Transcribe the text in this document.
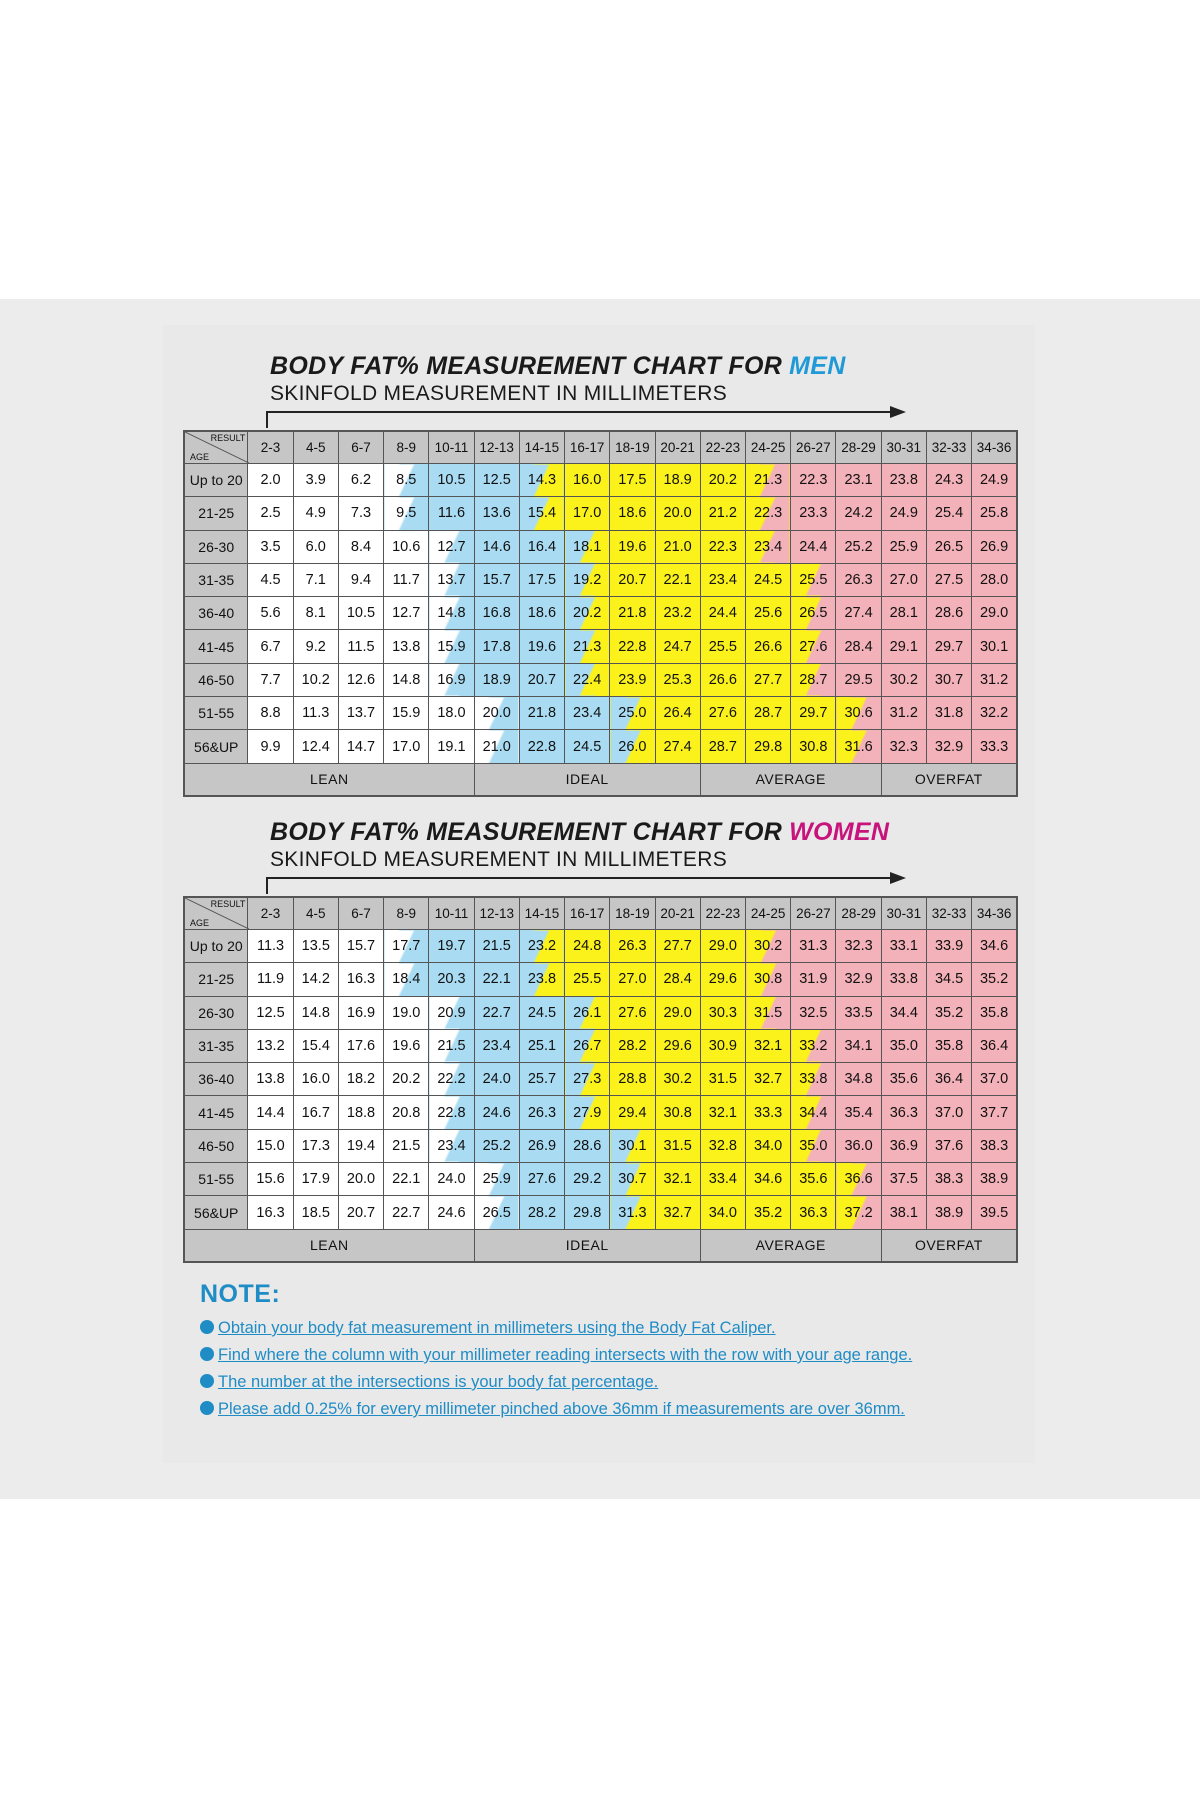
BODY FAT% MEASUREMENT CHART FOR MEN
SKINFOLD MEASUREMENT IN MILLIMETERS
RESULT
AGE	2-3	4-5	6-7	8-9	10-11	12-13	14-15	16-17	18-19	20-21	22-23	24-25	26-27	28-29	30-31	32-33	34-36
Up to 20	2.0	3.9	6.2	8.5	10.5	12.5	14.3	16.0	17.5	18.9	20.2	21.3	22.3	23.1	23.8	24.3	24.9
21-25	2.5	4.9	7.3	9.5	11.6	13.6	15.4	17.0	18.6	20.0	21.2	22.3	23.3	24.2	24.9	25.4	25.8
26-30	3.5	6.0	8.4	10.6	12.7	14.6	16.4	18.1	19.6	21.0	22.3	23.4	24.4	25.2	25.9	26.5	26.9
31-35	4.5	7.1	9.4	11.7	13.7	15.7	17.5	19.2	20.7	22.1	23.4	24.5	25.5	26.3	27.0	27.5	28.0
36-40	5.6	8.1	10.5	12.7	14.8	16.8	18.6	20.2	21.8	23.2	24.4	25.6	26.5	27.4	28.1	28.6	29.0
41-45	6.7	9.2	11.5	13.8	15.9	17.8	19.6	21.3	22.8	24.7	25.5	26.6	27.6	28.4	29.1	29.7	30.1
46-50	7.7	10.2	12.6	14.8	16.9	18.9	20.7	22.4	23.9	25.3	26.6	27.7	28.7	29.5	30.2	30.7	31.2
51-55	8.8	11.3	13.7	15.9	18.0	20.0	21.8	23.4	25.0	26.4	27.6	28.7	29.7	30.6	31.2	31.8	32.2
56&UP	9.9	12.4	14.7	17.0	19.1	21.0	22.8	24.5	26.0	27.4	28.7	29.8	30.8	31.6	32.3	32.9	33.3
LEAN						IDEAL					AVERAGE				OVERFAT		
BODY FAT% MEASUREMENT CHART FOR WOMEN
SKINFOLD MEASUREMENT IN MILLIMETERS
RESULT
AGE	2-3	4-5	6-7	8-9	10-11	12-13	14-15	16-17	18-19	20-21	22-23	24-25	26-27	28-29	30-31	32-33	34-36
Up to 20	11.3	13.5	15.7	17.7	19.7	21.5	23.2	24.8	26.3	27.7	29.0	30.2	31.3	32.3	33.1	33.9	34.6
21-25	11.9	14.2	16.3	18.4	20.3	22.1	23.8	25.5	27.0	28.4	29.6	30.8	31.9	32.9	33.8	34.5	35.2
26-30	12.5	14.8	16.9	19.0	20.9	22.7	24.5	26.1	27.6	29.0	30.3	31.5	32.5	33.5	34.4	35.2	35.8
31-35	13.2	15.4	17.6	19.6	21.5	23.4	25.1	26.7	28.2	29.6	30.9	32.1	33.2	34.1	35.0	35.8	36.4
36-40	13.8	16.0	18.2	20.2	22.2	24.0	25.7	27.3	28.8	30.2	31.5	32.7	33.8	34.8	35.6	36.4	37.0
41-45	14.4	16.7	18.8	20.8	22.8	24.6	26.3	27.9	29.4	30.8	32.1	33.3	34.4	35.4	36.3	37.0	37.7
46-50	15.0	17.3	19.4	21.5	23.4	25.2	26.9	28.6	30.1	31.5	32.8	34.0	35.0	36.0	36.9	37.6	38.3
51-55	15.6	17.9	20.0	22.1	24.0	25.9	27.6	29.2	30.7	32.1	33.4	34.6	35.6	36.6	37.5	38.3	38.9
56&UP	16.3	18.5	20.7	22.7	24.6	26.5	28.2	29.8	31.3	32.7	34.0	35.2	36.3	37.2	38.1	38.9	39.5
LEAN						IDEAL					AVERAGE				OVERFAT		
NOTE:

Obtain your body fat measurement in millimeters using the Body Fat Caliper.

Find where the column with your millimeter reading intersects with the row with your age range.

The number at the intersections is your body fat percentage.

Please add 0.25% for every millimeter pinched above 36mm if measurements are over 36mm.
